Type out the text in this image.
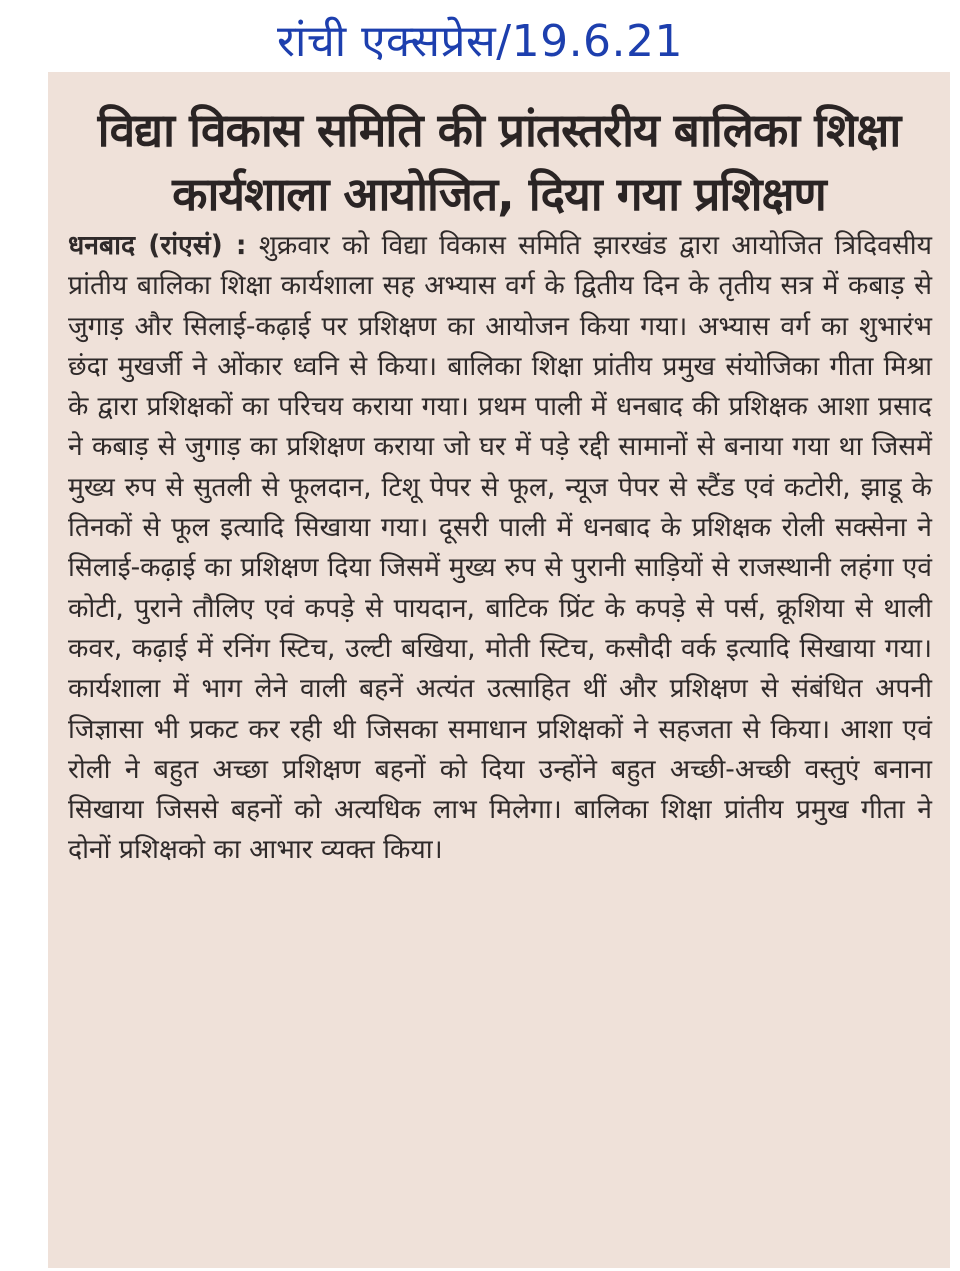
रांची एक्सप्रेस/19.6.21
विद्या विकास समिति की प्रांतस्तरीय बालिका शिक्षा कार्यशाला आयोजित, दिया गया प्रशिक्षण

धनबाद (रांएसं) : शुक्रवार को विद्या विकास समिति झारखंड द्वारा आयोजित त्रिदिवसीय प्रांतीय बालिका शिक्षा कार्यशाला सह अभ्यास वर्ग के द्वितीय दिन के तृतीय सत्र में कबाड़ से जुगाड़ और सिलाई-कढ़ाई पर प्रशिक्षण का आयोजन किया गया। अभ्यास वर्ग का शुभारंभ छंदा मुखर्जी ने ओंकार ध्वनि से किया। बालिका शिक्षा प्रांतीय प्रमुख संयोजिका गीता मिश्रा के द्वारा प्रशिक्षकों का परिचय कराया गया। प्रथम पाली में धनबाद की प्रशिक्षक आशा प्रसाद ने कबाड़ से जुगाड़ का प्रशिक्षण कराया जो घर में पड़े रद्दी सामानों से बनाया गया था जिसमें मुख्य रुप से सुतली से फूलदान, टिशू पेपर से फूल, न्यूज पेपर से स्टैंड एवं कटोरी, झाडू के तिनकों से फूल इत्यादि सिखाया गया। दूसरी पाली में धनबाद के प्रशिक्षक रोली सक्सेना ने सिलाई-कढ़ाई का प्रशिक्षण दिया जिसमें मुख्य रुप से पुरानी साड़ियों से राजस्थानी लहंगा एवं कोटी, पुराने तौलिए एवं कपड़े से पायदान, बाटिक प्रिंट के कपड़े से पर्स, क्रूशिया से थाली कवर, कढ़ाई में रनिंग स्टिच, उल्टी बखिया, मोती स्टिच, कसौदी वर्क इत्यादि सिखाया गया। कार्यशाला में भाग लेने वाली बहनें अत्यंत उत्साहित थीं और प्रशिक्षण से संबंधित अपनी जिज्ञासा भी प्रकट कर रही थी जिसका समाधान प्रशिक्षकों ने सहजता से किया। आशा एवं रोली ने बहुत अच्छा प्रशिक्षण बहनों को दिया उन्होंने बहुत अच्छी-अच्छी वस्तुएं बनाना सिखाया जिससे बहनों को अत्यधिक लाभ मिलेगा। बालिका शिक्षा प्रांतीय प्रमुख गीता ने दोनों प्रशिक्षको का आभार व्यक्त किया।
